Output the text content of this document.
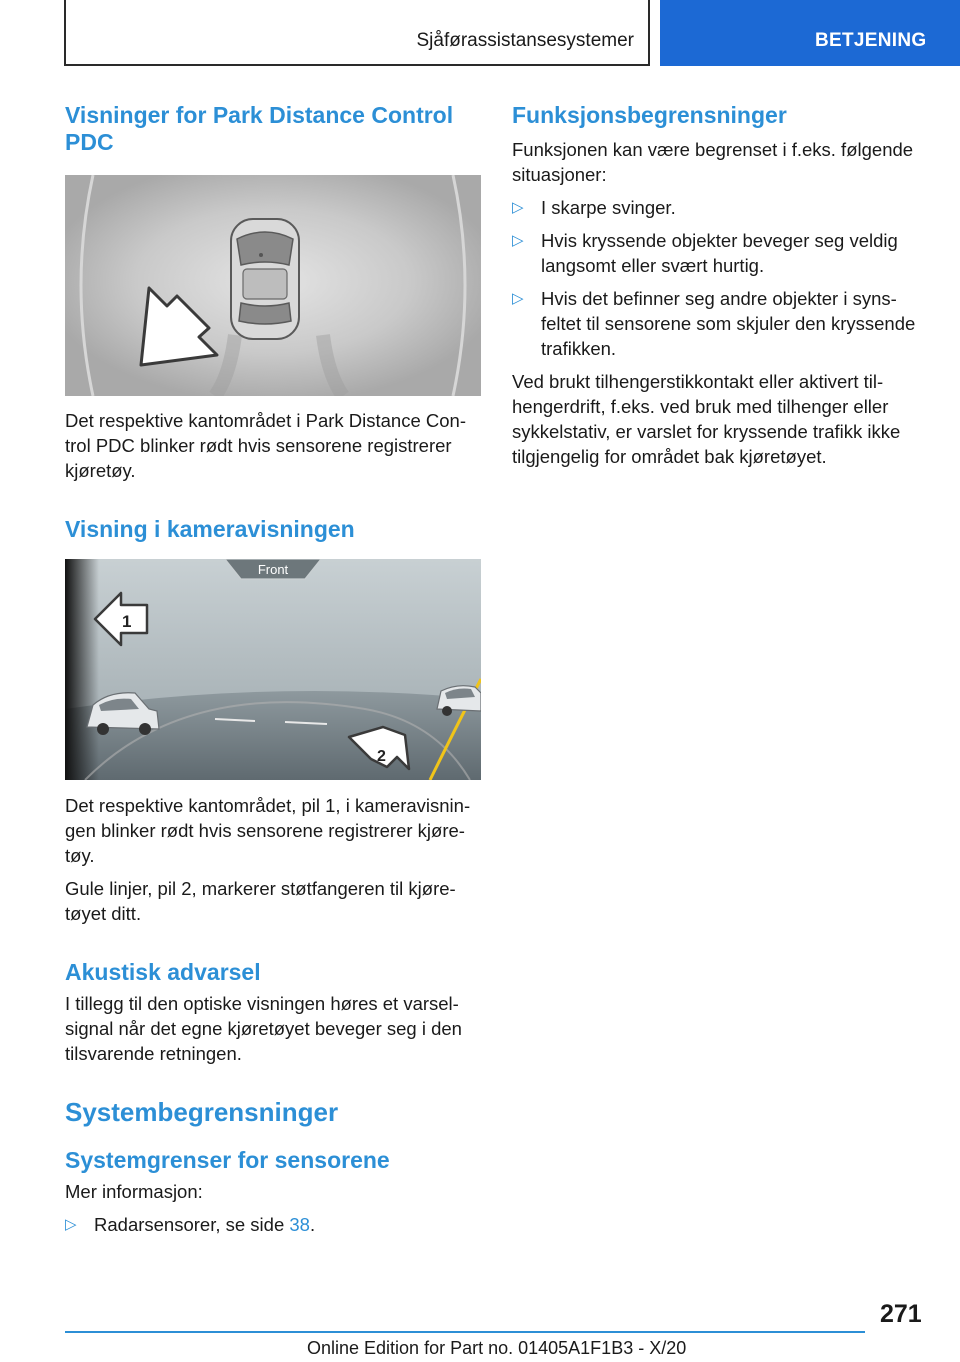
Sjåførassistansesystemer	BETJENING
Visninger for Park Distance Control PDC

Det respektive kantområdet i Park Distance Con-trol PDC blinker rødt hvis sensorene registrerer kjøretøy.

Visning i kameravisningen
Front
1
2

Det respektive kantområdet, pil 1, i kameravisnin-gen blinker rødt hvis sensorene registrerer kjøre-tøy.

Gule linjer, pil 2, markerer støtfangeren til kjøre-tøyet ditt.

Akustisk advarsel

I tillegg til den optiske visningen høres et varsel-signal når det egne kjøretøyet beveger seg i den tilsvarende retningen.

Systembegrensninger
Systemgrenser for sensorene

Mer informasjon:

▷ Radarsensorer, se side 38.
Funksjonsbegrensninger

Funksjonen kan være begrenset i f.eks. følgende situasjoner:

▷ I skarpe svinger.
▷ Hvis kryssende objekter beveger seg veldig langsomt eller svært hurtig.
▷ Hvis det befinner seg andre objekter i syns-feltet til sensorene som skjuler den kryssende trafikken.

Ved brukt tilhengerstikkontakt eller aktivert til-hengerdrift, f.eks. ved bruk med tilhenger eller sykkelstativ, er varslet for kryssende trafikk ikke tilgjengelig for området bak kjøretøyet.

271
Online Edition for Part no. 01405A1F1B3 - X/20
